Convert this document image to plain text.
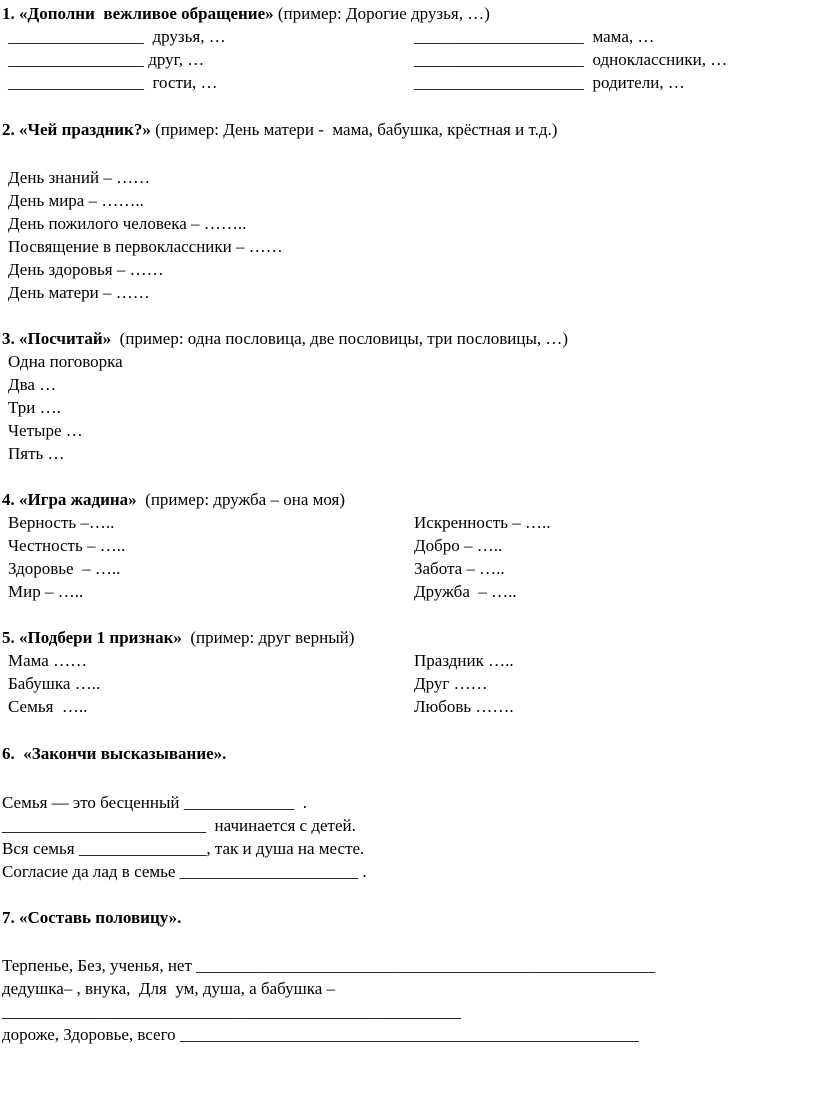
1. «Дополни  вежливое обращение» (пример: Дорогие друзья, …)
________________  друзья, …	____________________  мама, …
________________ друг, …	____________________  одноклассники, …
________________  гости, …	____________________  родители, …
2. «Чей праздник?» (пример: День матери -  мама, бабушка, крёстная и т.д.)
День знаний – ……
День мира – ……..
День пожилого человека – ……..
Посвящение в первоклассники – ……
День здоровья – ……
День матери – ……
3. «Посчитай»  (пример: одна пословица, две пословицы, три пословицы, …)
Одна поговорка
Два …
Три ….
Четыре …
Пять …
4. «Игра жадина»  (пример: дружба – она моя)
Верность –…..	Искренность – …..
Честность – …..	Добро – …..
Здоровье  – …..	Забота – …..
Мир – …..	Дружба  – …..
5. «Подбери 1 признак»  (пример: друг верный)
Мама ……	Праздник …..
Бабушка …..	Друг ……
Семья  …..	Любовь …….
6.  «Закончи высказывание».
Семья — это бесценный _____________  .
________________________  начинается с детей.
Вся семья _______________, так и душа на месте.
Согласие да лад в семье _____________________ .
7. «Составь половицу».
Терпенье, Без, ученья, нет ______________________________________________________
дедушка– , внука,  Для  ум, душа, а бабушка –
______________________________________________________
дороже, Здоровье, всего ______________________________________________________
